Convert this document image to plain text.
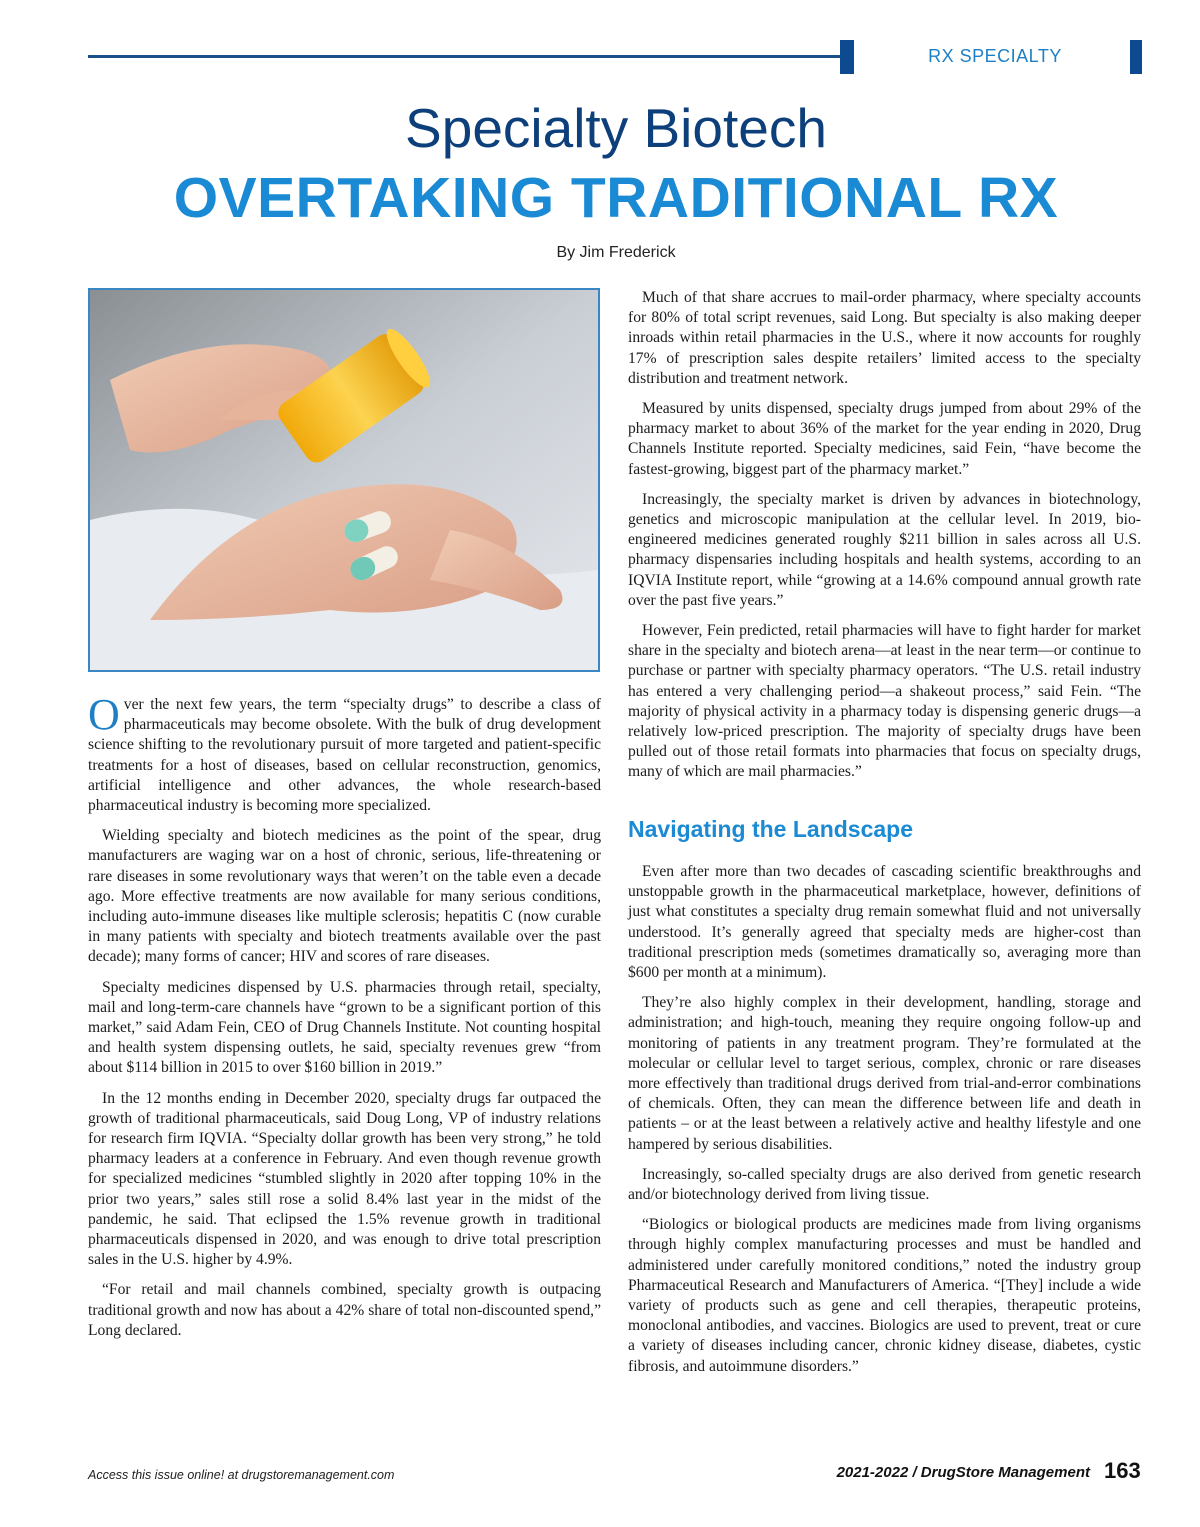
RX SPECIALTY
Specialty Biotech
OVERTAKING TRADITIONAL RX
By Jim Frederick

Over the next few years, the term “specialty drugs” to describe a class of pharmaceuticals may become obsolete. With the bulk of drug development science shifting to the revolutionary pursuit of more targeted and patient-specific treatments for a host of diseases, based on cellular reconstruction, genomics, artificial intelligence and other advances, the whole research-based pharmaceutical industry is becoming more specialized.

Wielding specialty and biotech medicines as the point of the spear, drug manufacturers are waging war on a host of chronic, serious, life-threatening or rare diseases in some revolutionary ways that weren’t on the table even a decade ago. More effective treatments are now available for many serious conditions, including auto-immune diseases like multiple sclerosis; hepatitis C (now curable in many patients with specialty and biotech treatments available over the past decade); many forms of cancer; HIV and scores of rare diseases.

Specialty medicines dispensed by U.S. pharmacies through retail, specialty, mail and long-term-care channels have “grown to be a significant portion of this market,” said Adam Fein, CEO of Drug Channels Institute. Not counting hospital and health system dispensing outlets, he said, specialty revenues grew “from about $114 billion in 2015 to over $160 billion in 2019.”

In the 12 months ending in December 2020, specialty drugs far outpaced the growth of traditional pharmaceuticals, said Doug Long, VP of industry relations for research firm IQVIA. “Specialty dollar growth has been very strong,” he told pharmacy leaders at a conference in February. And even though revenue growth for specialized medicines “stumbled slightly in 2020 after topping 10% in the prior two years,” sales still rose a solid 8.4% last year in the midst of the pandemic, he said. That eclipsed the 1.5% revenue growth in traditional pharmaceuticals dispensed in 2020, and was enough to drive total prescription sales in the U.S. higher by 4.9%.

“For retail and mail channels combined, specialty growth is outpacing traditional growth and now has about a 42% share of total non-discounted spend,” Long declared.

Much of that share accrues to mail-order pharmacy, where specialty accounts for 80% of total script revenues, said Long. But specialty is also making deeper inroads within retail pharmacies in the U.S., where it now accounts for roughly 17% of prescription sales despite retailers’ limited access to the specialty distribution and treatment network.

Measured by units dispensed, specialty drugs jumped from about 29% of the pharmacy market to about 36% of the market for the year ending in 2020, Drug Channels Institute reported. Specialty medicines, said Fein, “have become the fastest-growing, biggest part of the pharmacy market.”

Increasingly, the specialty market is driven by advances in biotechnology, genetics and microscopic manipulation at the cellular level. In 2019, bio-engineered medicines generated roughly $211 billion in sales across all U.S. pharmacy dispensaries including hospitals and health systems, according to an IQVIA Institute report, while “growing at a 14.6% compound annual growth rate over the past five years.”

However, Fein predicted, retail pharmacies will have to fight harder for market share in the specialty and biotech arena—at least in the near term—or continue to purchase or partner with specialty pharmacy operators. “The U.S. retail industry has entered a very challenging period—a shakeout process,” said Fein. “The majority of physical activity in a pharmacy today is dispensing generic drugs—a relatively low-priced prescription. The majority of specialty drugs have been pulled out of those retail formats into pharmacies that focus on specialty drugs, many of which are mail pharmacies.”

Navigating the Landscape

Even after more than two decades of cascading scientific breakthroughs and unstoppable growth in the pharmaceutical marketplace, however, definitions of just what constitutes a specialty drug remain somewhat fluid and not universally understood. It’s generally agreed that specialty meds are higher-cost than traditional prescription meds (sometimes dramatically so, averaging more than $600 per month at a minimum).

They’re also highly complex in their development, handling, storage and administration; and high-touch, meaning they require ongoing follow-up and monitoring of patients in any treatment program. They’re formulated at the molecular or cellular level to target serious, complex, chronic or rare diseases more effectively than traditional drugs derived from trial-and-error combinations of chemicals. Often, they can mean the difference between life and death in patients – or at the least between a relatively active and healthy lifestyle and one hampered by serious disabilities.

Increasingly, so-called specialty drugs are also derived from genetic research and/or biotechnology derived from living tissue.

“Biologics or biological products are medicines made from living organisms through highly complex manufacturing processes and must be handled and administered under carefully monitored conditions,” noted the industry group Pharmaceutical Research and Manufacturers of America. “[They] include a wide variety of products such as gene and cell therapies, therapeutic proteins, monoclonal antibodies, and vaccines. Biologics are used to prevent, treat or cure a variety of diseases including cancer, chronic kidney disease, diabetes, cystic fibrosis, and autoimmune disorders.”

Access this issue online! at drugstoremanagement.com	2021-2022 / DrugStore Management 163
